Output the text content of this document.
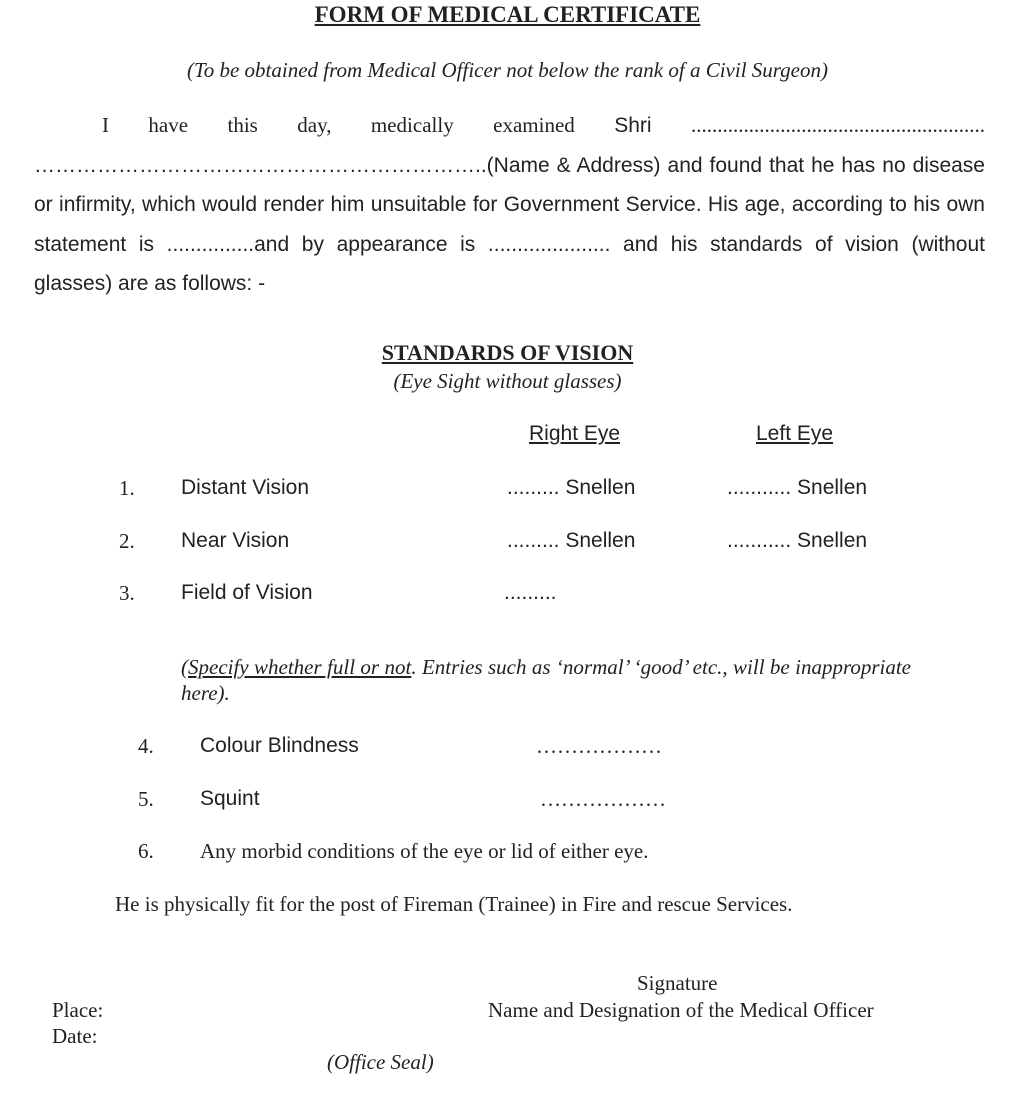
FORM OF MEDICAL CERTIFICATE
(To be obtained from Medical Officer not below the rank of a Civil Surgeon)
I have this day, medically examined Shri ........................................................
………………………………………………………..(Name & Address) and found that he has no disease or infirmity, which would render him unsuitable for Government Service. His age, according to his own statement is ...............and by appearance is ..................... and his standards of vision (without glasses) are as follows: -
STANDARDS OF VISION
(Eye Sight without glasses)
Right Eye	Left Eye
1. Distant Vision	......... Snellen	........... Snellen
2. Near Vision	......... Snellen	........... Snellen
3. Field of Vision	.........
(Specify whether full or not. Entries such as ‘normal’ ‘good’ etc., will be inappropriate here).
4. Colour Blindness	………………
5. Squint	………………
6. Any morbid conditions of the eye or lid of either eye.
He is physically fit for the post of Fireman (Trainee) in Fire and rescue Services.
Signature
Name and Designation of the Medical Officer
Place:
Date:
(Office Seal)
